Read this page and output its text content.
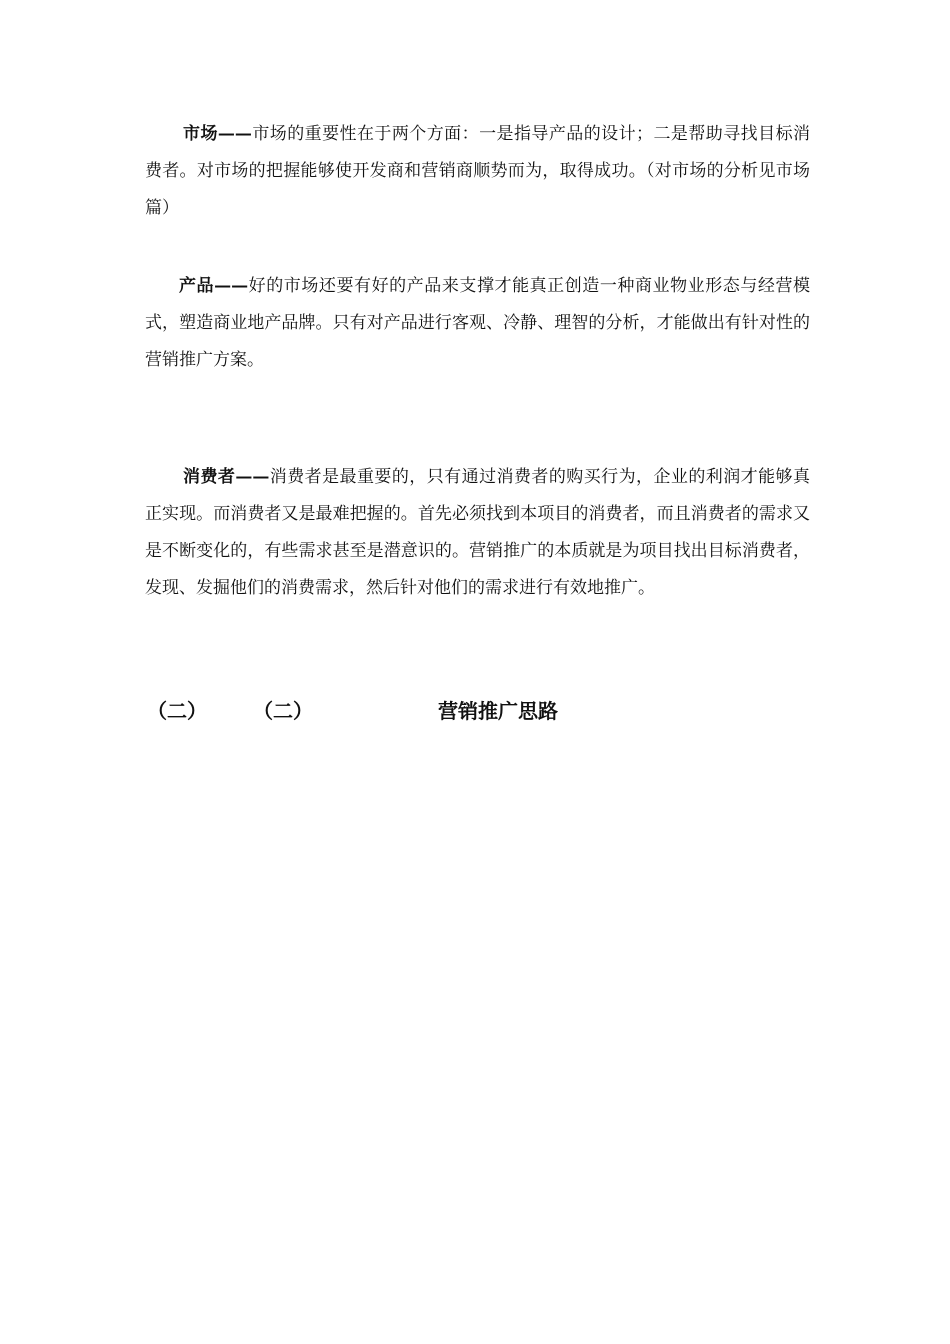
市场——市场的重要性在于两个方面：一是指导产品的设计；二是帮助寻找目标消费者。对市场的把握能够使开发商和营销商顺势而为，取得成功。（对市场的分析见市场篇）

产品——好的市场还要有好的产品来支撑才能真正创造一种商业物业形态与经营模式，塑造商业地产品牌。只有对产品进行客观、冷静、理智的分析，才能做出有针对性的营销推广方案。

消费者——消费者是最重要的，只有通过消费者的购买行为，企业的利润才能够真正实现。而消费者又是最难把握的。首先必须找到本项目的消费者，而且消费者的需求又是不断变化的，有些需求甚至是潜意识的。营销推广的本质就是为项目找出目标消费者，发现、发掘他们的消费需求，然后针对他们的需求进行有效地推广。

（二） （二）	营销推广思路
